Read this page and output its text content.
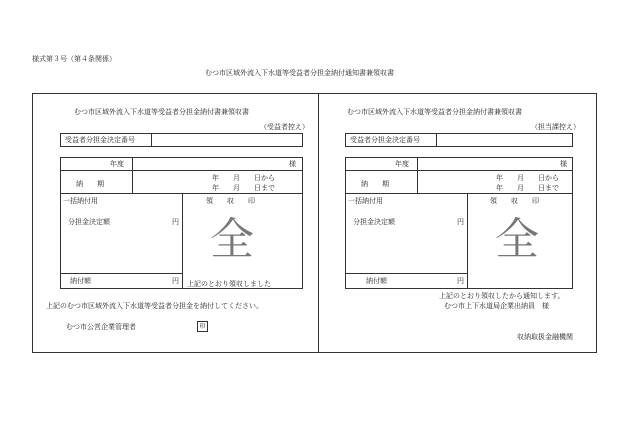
様式第３号（第４条関係）
むつ市区域外流入下水道等受益者分担金納付通知書兼領収書
むつ市区域外流入下水道等受益者分担金納付書兼領収書
（受益者控え）
受益者分担金決定番号
年度	様
納　　期
年　　月　　日から
年　　月　　日まで
一括納付用	領　　収　　印
分担金決定額	円 全
納付額	円 上記のとおり領収しました
上記のむつ市区域外流入下水道等受益者分担金を納付してください。
むつ市公営企業管理者	印
むつ市区域外流入下水道等受益者分担金納付書兼領収書
（担当課控え）
受益者分担金決定番号
年度	様
納　　期
年　　月　　日から
年　　月　　日まで
一括納付用	領　　収　　印
分担金決定額	円 全
納付額	円
上記のとおり領収したから通知します。
むつ市上下水道局企業出納員　様
収納取扱金融機関
